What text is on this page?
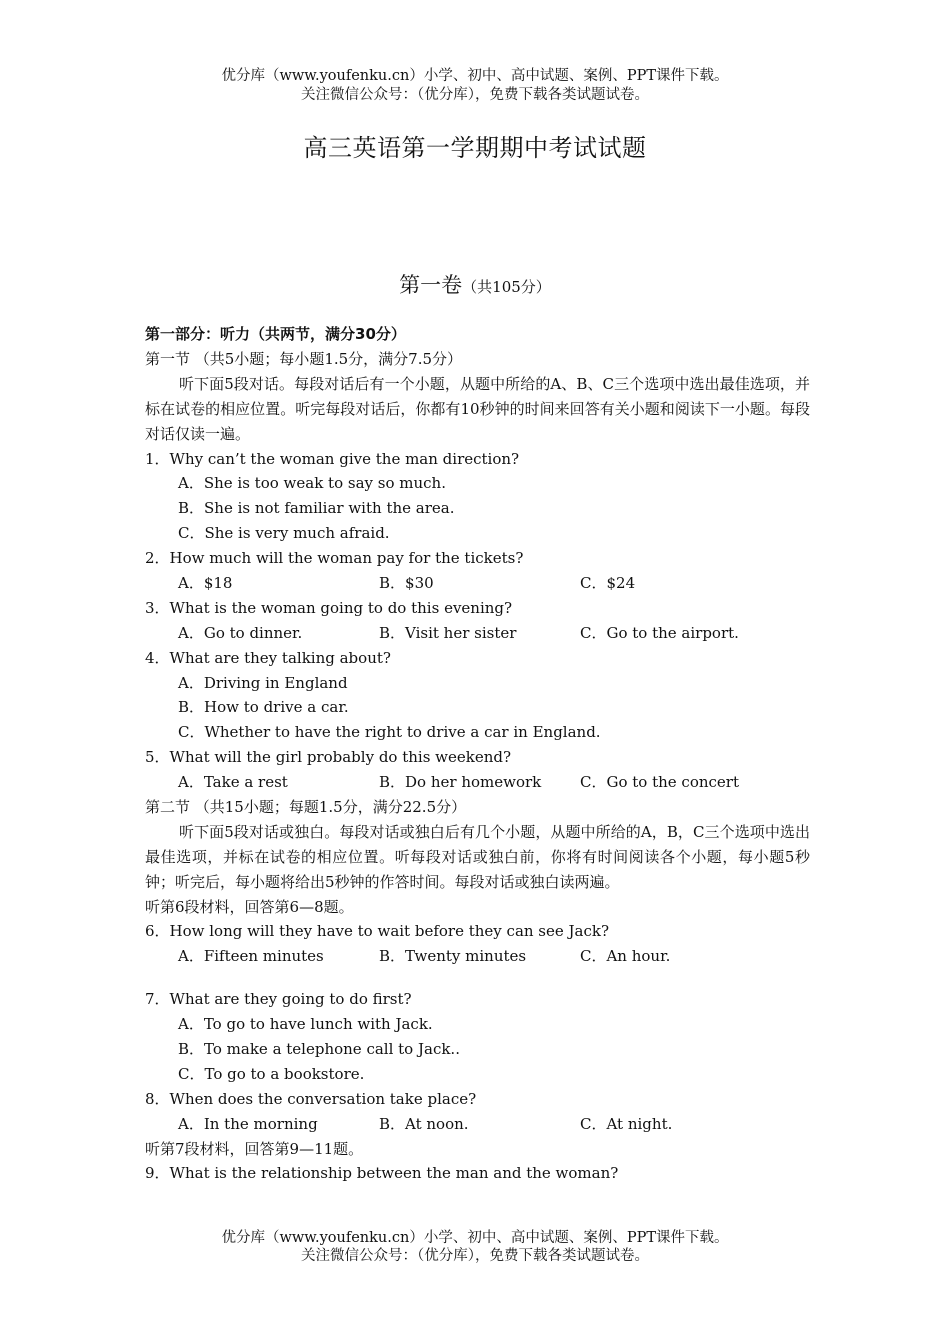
优分库（www.youfenku.cn）小学、初中、高中试题、案例、PPT课件下载。
关注微信公众号：（优分库），免费下载各类试题试卷。
高三英语第一学期期中考试试题
第一卷（共105分）
第一部分：听力（共两节，满分30分）
第一节 （共5小题；每小题1.5分，满分7.5分）
听下面5段对话。每段对话后有一个小题，从题中所给的A、B、C三个选项中选出最佳选项，并标在试卷的相应位置。听完每段对话后，你都有10秒钟的时间来回答有关小题和阅读下一小题。每段对话仅读一遍。
1．Why can’t the woman give the man direction?
A．She is too weak to say so much.
B．She is not familiar with the area.
C．She is very much afraid.
2．How much will the woman pay for the tickets?
A．$18	B．$30	C．$24
3．What is the woman going to do this evening?
A．Go to dinner.	B．Visit her sister	C．Go to the airport.
4．What are they talking about?
A．Driving in England
B．How to drive a car.
C．Whether to have the right to drive a car in England.
5．What will the girl probably do this weekend?
A．Take a rest	B．Do her homework	C．Go to the concert
第二节 （共15小题；每题1.5分，满分22.5分）
听下面5段对话或独白。每段对话或独白后有几个小题，从题中所给的A，B，C三个选项中选出最佳选项，并标在试卷的相应位置。听每段对话或独白前，你将有时间阅读各个小题，每小题5秒钟；听完后，每小题将给出5秒钟的作答时间。每段对话或独白读两遍。
听第6段材料，回答第6—8题。
6．How long will they have to wait before they can see Jack?
A．Fifteen minutes	B．Twenty minutes	C．An hour.
7．What are they going to do first?
A．To go to have lunch with Jack.
B．To make a telephone call to Jack..
C．To go to a bookstore.
8．When does the conversation take place?
A．In the morning	B．At noon.	C．At night.
听第7段材料，回答第9—11题。
9．What is the relationship between the man and the woman?
优分库（www.youfenku.cn）小学、初中、高中试题、案例、PPT课件下载。
关注微信公众号：（优分库），免费下载各类试题试卷。
